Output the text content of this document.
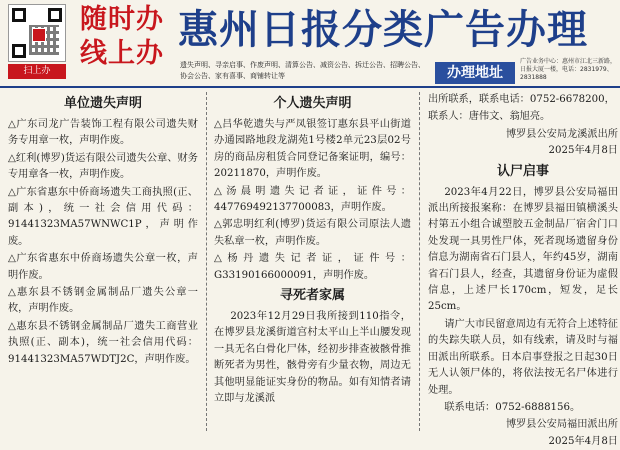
扫上办
随时办
线上办
惠州日报分类广告办理
遗失声明、寻亲启事、作废声明、清算公告、减资公告、拆迁公告、招聘公告、协会公告、家有喜事、商铺转让等	办理地址
广告业务中心：惠州市江北三新路，日报大厦一楼，电话：2831979、2831888
单位遗失声明
△广东司龙广告装饰工程有限公司遗失财务专用章一枚，声明作废。
△红利(博罗)货运有限公司遗失公章、财务专用章各一枚，声明作废。
△广东省惠东中侨商场遗失工商执照(正、副本)，统一社会信用代码：91441323MA57WNWC1P，声明作废。
△广东省惠东中侨商场遗失公章一枚，声明作废。
△惠东县不锈钢金属制品厂遗失公章一枚，声明作废。
△惠东县不锈钢金属制品厂遗失工商营业执照(正、副本)，统一社会信用代码：91441323MA57WDTJ2C，声明作废。
个人遗失声明
△吕华乾遗失与严凤银签订惠东县平山街道办通园路地段龙湖苑1号楼2单元23层02号房的商品房租赁合同登记备案证明，编号：20211870，声明作废。
△汤晨明遗失记者证，证件号：447769492137700083，声明作废。
△郭忠明红利(博罗)货运有限公司原法人遗失私章一枚，声明作废。
△杨丹遗失记者证，证件号：G33190166000091，声明作废。
寻死者家属
2023年12月29日我所接到110指令，在博罗县龙溪街道宫村太平山上半山腰发现一具无名白骨化尸体，经初步排查被骸骨推断死者为男性，骸骨旁有少量衣物，周边无其他明显能证实身份的物品。如有知情者请立即与龙溪派
出所联系，联系电话：0752-6678200，
联系人：唐伟文、翁旭亮。
博罗县公安局龙溪派出所
2025年4月8日
认尸启事
2023年4月22日，博罗县公安局福田派出所接报案称：在博罗县福田镇横溪头村第五小组合诚塑胶五金制品厂宿舍门口处发现一具男性尸体，死者现场遗留身份信息为湖南省石门县人，年约45岁，湖南省石门县人，经查，其遗留身份证为虚假信息，上述尸长170cm，短发，足长25cm。
请广大市民留意周边有无符合上述特征的失踪失联人员，如有线索，请及时与福田派出所联系。日本启事登报之日起30日无人认领尸体的，将依法按无名尸体进行处理。
联系电话：0752-6888156。
博罗县公安局福田派出所
2025年4月8日
